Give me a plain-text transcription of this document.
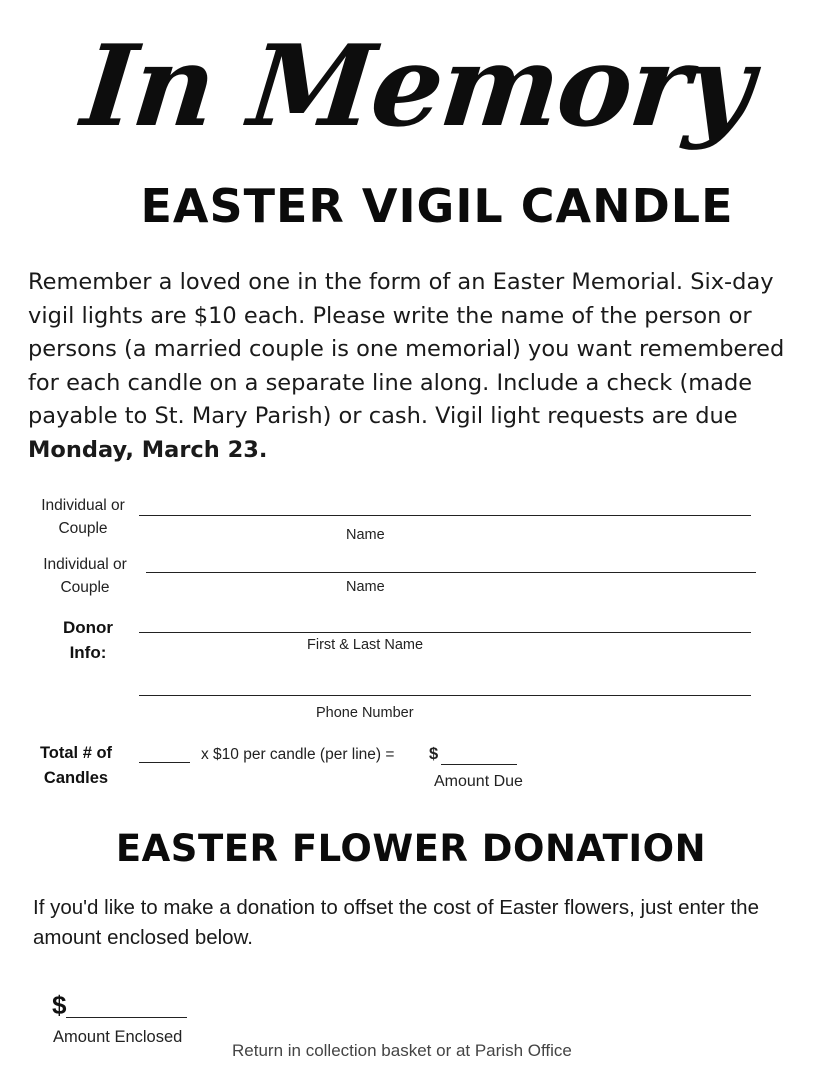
In Memory
EASTER VIGIL CANDLE
Remember a loved one in the form of an Easter Memorial. Six-day vigil lights are $10 each. Please write the name of the person or persons (a married couple is one memorial) you want remembered for each candle on a separate line along. Include a check (made payable to St. Mary Parish) or cash. Vigil light requests are due
Monday, March 23.
Individual or
Couple	Name
Individual or
Couple	Name
Donor
Info:	First & Last Name
Phone Number
Total # of
Candles
x $10 per candle (per line) = $
Amount Due
EASTER FLOWER DONATION
If you'd like to make a donation to offset the cost of Easter flowers, just enter the amount enclosed below.
$
Amount Enclosed
Return in collection basket or at Parish Office
